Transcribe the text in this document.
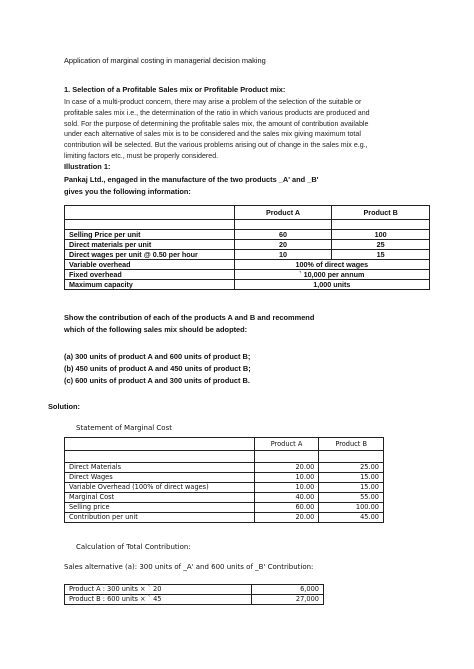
Application of marginal costing in managerial decision making
1. Selection of a Profitable Sales mix or Profitable Product mix:
In case of a multi-product concern, there may arise a problem of the selection of the suitable or
profitable sales mix i.e., the determination of the ratio in which various products are produced and
sold. For the purpose of determining the profitable sales mix, the amount of contribution available
under each alternative of sales mix is to be considered and the sales mix giving maximum total
contribution will be selected. But the various problems arising out of change in the sales mix e.g.,
limiting factors etc., must be properly considered.
Illustration 1:
Pankaj Ltd., engaged in the manufacture of the two products _A' and _B'
gives you the following information:
	Product A	Product B

Selling Price per unit	60	100
Direct materials per unit	20	25
Direct wages per unit @ 0.50 per hour	10	15
Variable overhead	100% of direct wages	
Fixed overhead	` 10,000 per annum	
Maximum capacity	1,000 units	
Show the contribution of each of the products A and B and recommend
which of the following sales mix should be adopted:
(a) 300 units of product A and 600 units of product B;
(b) 450 units of product A and 450 units of product B;
(c) 600 units of product A and 300 units of product B.
Solution:
Statement of Marginal Cost
	Product A	Product B

Direct Materials	20.00	25.00
Direct Wages	10.00	15.00
Variable Overhead (100% of direct wages)	10.00	15.00
Marginal Cost	40.00	55.00
Selling price	60.00	100.00
Contribution per unit	20.00	45.00
Calculation of Total Contribution:
Sales alternative (a): 300 units of _A' and 600 units of _B' Contribution:
Product A : 300 units × ` 20	6,000
Product B : 600 units × ` 45	27,000
